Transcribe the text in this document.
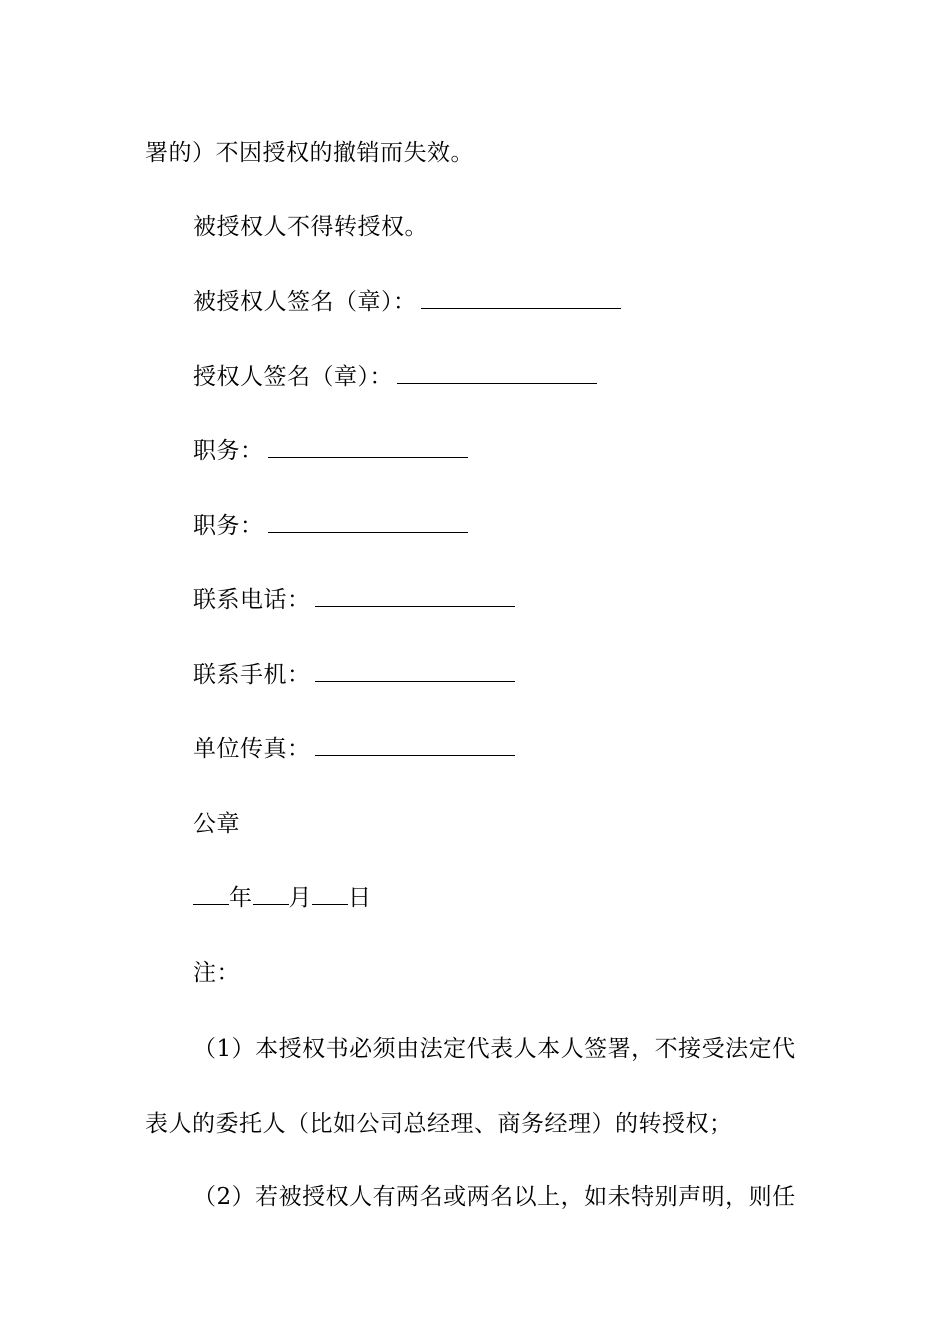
署的）不因授权的撤销而失效。
被授权人不得转授权。
被授权人签名（章）：
授权人签名（章）：
职务：
职务：
联系电话：
联系手机：
单位传真：
公章
年 月 日
注：
（1）本授权书必须由法定代表人本人签署，不接受法定代
表人的委托人（比如公司总经理、商务经理）的转授权；
（2）若被授权人有两名或两名以上，如未特别声明，则任
